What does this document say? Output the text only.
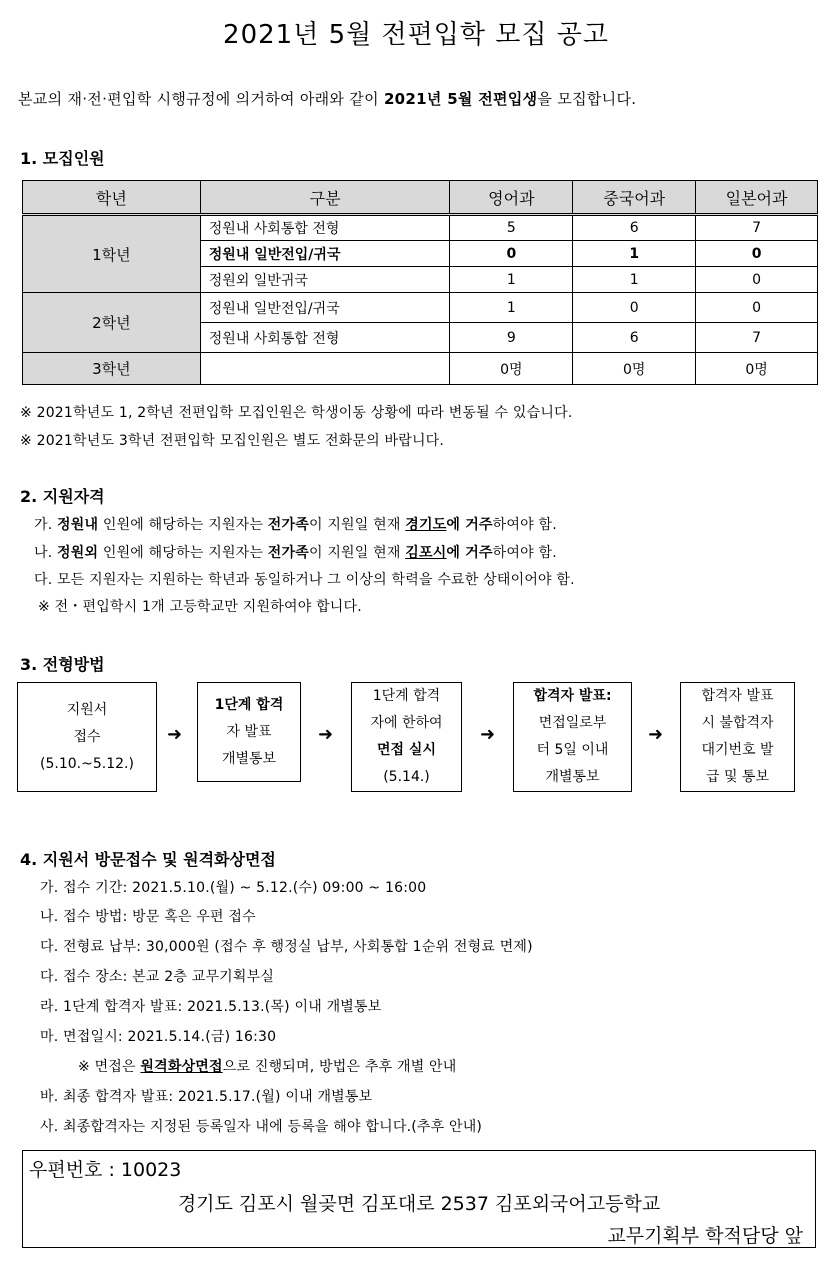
2021년 5월 전편입학 모집 공고
본교의 재·전·편입학 시행규정에 의거하여 아래와 같이 2021년 5월 전편입생을 모집합니다.
1. 모집인원
학년	구분	영어과	중국어과	일본어과
1학년	정원내 사회통합 전형	5	6	7
	정원내 일반전입/귀국	0	1	0
	정원외 일반귀국	1	1	0
2학년	정원내 일반전입/귀국	1	0	0
	정원내 사회통합 전형	9	6	7
3학년		0명	0명	0명
※ 2021학년도 1, 2학년 전편입학 모집인원은 학생이동 상황에 따라 변동될 수 있습니다.
※ 2021학년도 3학년 전편입학 모집인원은 별도 전화문의 바랍니다.
2. 지원자격
가. 정원내 인원에 해당하는 지원자는 전가족이 지원일 현재 경기도에 거주하여야 함.
나. 정원외 인원에 해당하는 지원자는 전가족이 지원일 현재 김포시에 거주하여야 함.
다. 모든 지원자는 지원하는 학년과 동일하거나 그 이상의 학력을 수료한 상태이어야 함.
※ 전・편입학시 1개 고등학교만 지원하여야 합니다.
3. 전형방법
지원서
접수
(5.10.~5.12.)
➜
1단계 합격
자 발표
개별통보
➜
1단계 합격
자에 한하여
면접 실시
(5.14.)
➜
합격자 발표:
면접일로부
터 5일 이내
개별통보
➜
합격자 발표
시 불합격자
대기번호 발
급 및 통보
4. 지원서 방문접수 및 원격화상면접
가. 접수 기간: 2021.5.10.(월) ~ 5.12.(수) 09:00 ~ 16:00
나. 접수 방법: 방문 혹은 우편 접수
다. 전형료 납부: 30,000원 (접수 후 행정실 납부, 사회통합 1순위 전형료 면제)
다. 접수 장소: 본교 2층 교무기획부실
라. 1단계 합격자 발표: 2021.5.13.(목) 이내 개별통보
마. 면접일시: 2021.5.14.(금) 16:30
※ 면접은 원격화상면접으로 진행되며, 방법은 추후 개별 안내
바. 최종 합격자 발표: 2021.5.17.(월) 이내 개별통보
사. 최종합격자는 지정된 등록일자 내에 등록을 해야 합니다.(추후 안내)
우편번호 : 10023
경기도 김포시 월곶면 김포대로 2537 김포외국어고등학교
교무기획부 학적담당 앞
